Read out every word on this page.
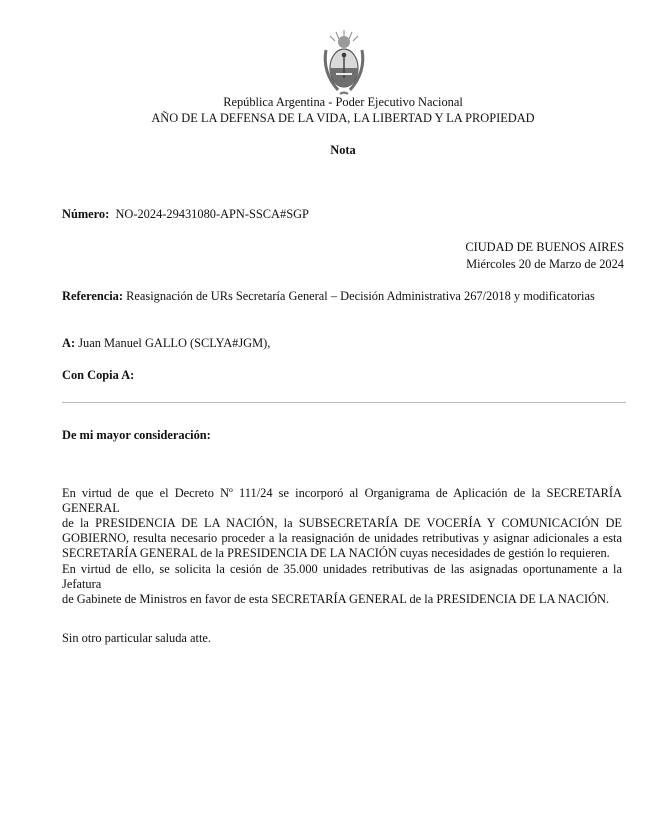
República Argentina - Poder Ejecutivo Nacional
AÑO DE LA DEFENSA DE LA VIDA, LA LIBERTAD Y LA PROPIEDAD
Nota
Número: NO-2024-29431080-APN-SSCA#SGP
CIUDAD DE BUENOS AIRES
Miércoles 20 de Marzo de 2024
Referencia: Reasignación de URs Secretaría General – Decisión Administrativa 267/2018 y modificatorias
A: Juan Manuel GALLO (SCLYA#JGM),
Con Copia A:
De mi mayor consideración:
En virtud de que el Decreto Nº 111/24 se incorporó al Organigrama de Aplicación de la SECRETARÍA GENERAL
de la PRESIDENCIA DE LA NACIÓN, la SUBSECRETARÍA DE VOCERÍA Y COMUNICACIÓN DE
GOBIERNO, resulta necesario proceder a la reasignación de unidades retributivas y asignar adicionales a esta
SECRETARÍA GENERAL de la PRESIDENCIA DE LA NACIÓN cuyas necesidades de gestión lo requieren.
En virtud de ello, se solicita la cesión de 35.000 unidades retributivas de las asignadas oportunamente a la Jefatura
de Gabinete de Ministros en favor de esta SECRETARÍA GENERAL de la PRESIDENCIA DE LA NACIÓN.
Sin otro particular saluda atte.
